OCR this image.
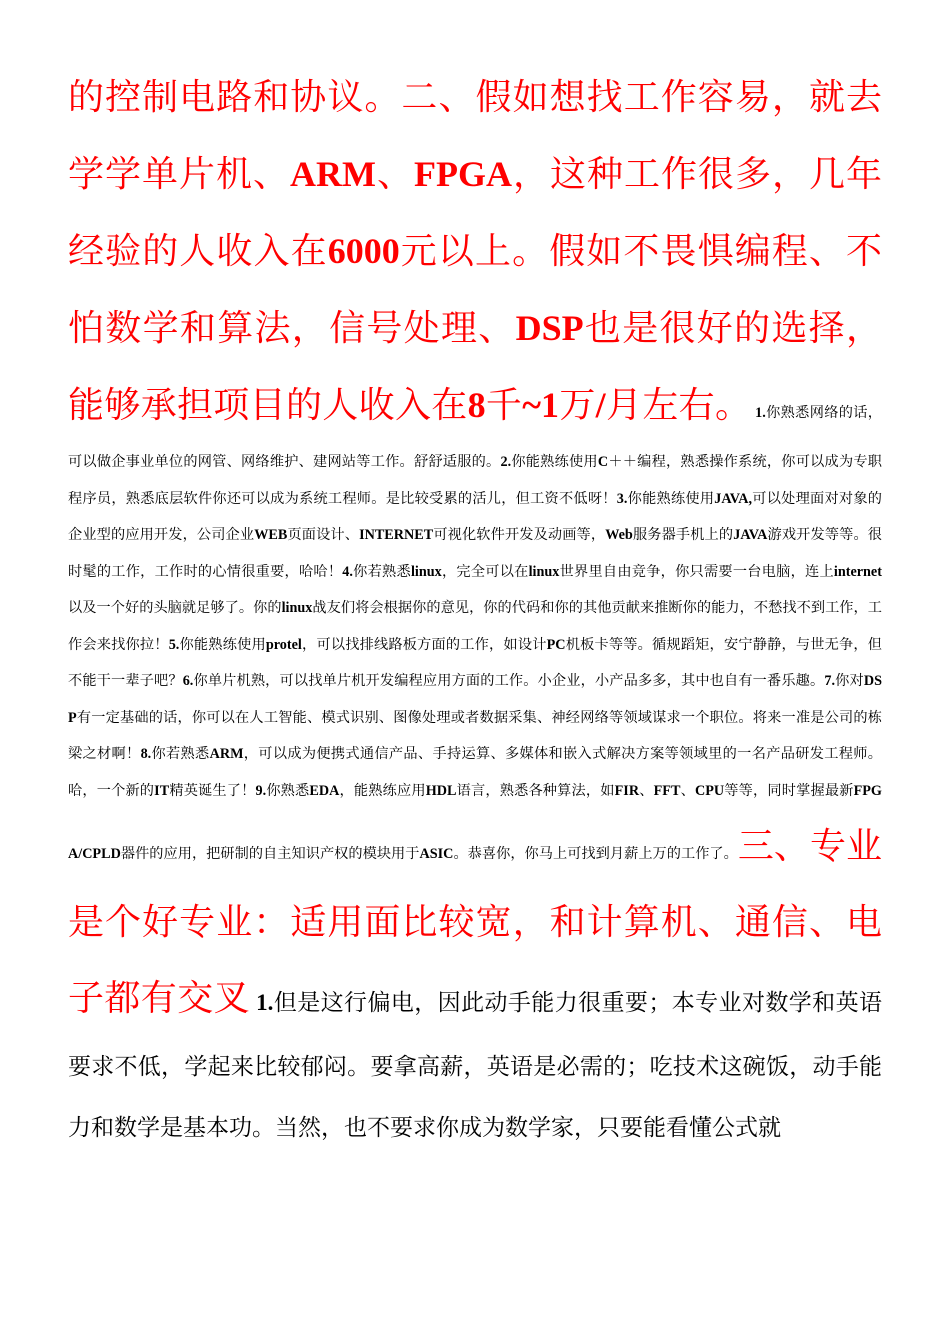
的控制电路和协议。二、假如想找工作容易，就去学学单片机、ARM、FPGA，这种工作很多，几年经验的人收入在6000元以上。假如不畏惧编程、不怕数学和算法，信号处理、DSP也是很好的选择，能够承担项目的人收入在8千~1万/月左右。 1.你熟悉网络的话，可以做企事业单位的网管、网络维护、建网站等工作。舒舒适服的。2.你能熟练使用C＋＋编程，熟悉操作系统，你可以成为专职程序员，熟悉底层软件你还可以成为系统工程师。是比较受累的活儿，但工资不低呀！3.你能熟练使用JAVA,可以处理面对对象的企业型的应用开发，公司企业WEB页面设计、INTERNET可视化软件开发及动画等，Web服务器手机上的JAVA游戏开发等等。很时髦的工作，工作时的心情很重要，哈哈！4.你若熟悉linux，完全可以在linux世界里自由竞争，你只需要一台电脑，连上internet以及一个好的头脑就足够了。你的linux战友们将会根据你的意见，你的代码和你的其他贡献来推断你的能力，不愁找不到工作，工作会来找你拉！5.你能熟练使用protel，可以找排线路板方面的工作，如设计PC机板卡等等。循规蹈矩，安宁静静，与世无争，但不能干一辈子吧？6.你单片机熟，可以找单片机开发编程应用方面的工作。小企业，小产品多多，其中也自有一番乐趣。7.你对DSP有一定基础的话，你可以在人工智能、模式识别、图像处理或者数据采集、神经网络等领域谋求一个职位。将来一准是公司的栋梁之材啊！8.你若熟悉ARM，可以成为便携式通信产品、手持运算、多媒体和嵌入式解决方案等领域里的一名产品研发工程师。哈，一个新的IT精英诞生了！9.你熟悉EDA，能熟练应用HDL语言，熟悉各种算法，如FIR、FFT、CPU等等，同时掌握最新FPGA/CPLD器件的应用，把研制的自主知识产权的模块用于ASIC。恭喜你，你马上可找到月薪上万的工作了。三、专业是个好专业：适用面比较宽，和计算机、通信、电子都有交叉 1.但是这行偏电，因此动手能力很重要；本专业对数学和英语要求不低，学起来比较郁闷。要拿高薪，英语是必需的；吃技术这碗饭，动手能力和数学是基本功。当然，也不要求你成为数学家，只要能看懂公式就
